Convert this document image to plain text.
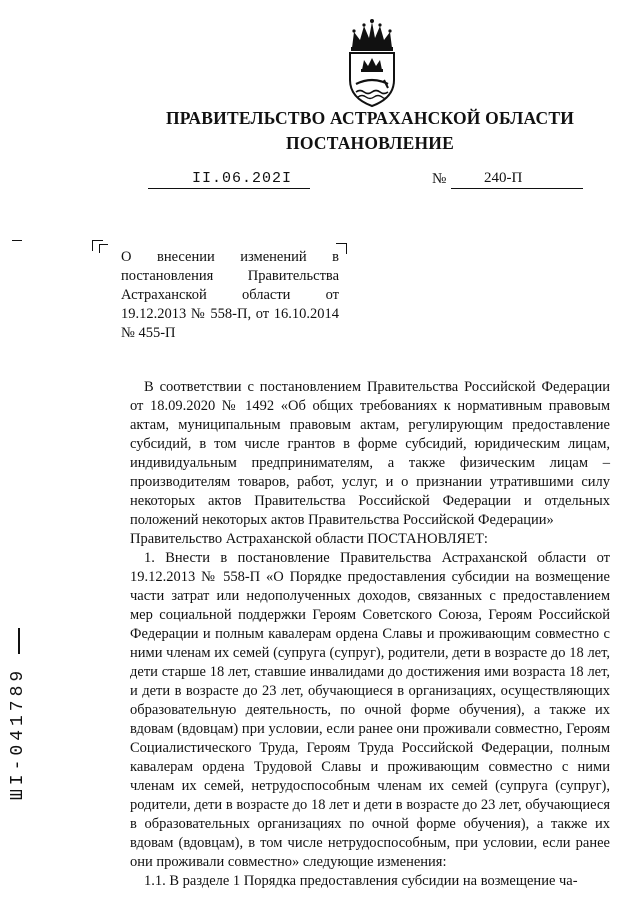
ПРАВИТЕЛЬСТВО АСТРАХАНСКОЙ ОБЛАСТИ
ПОСТАНОВЛЕНИЕ
II.06.202I	№	240-П
О внесении изменений в постановления Правительства Астраханской области от 19.12.2013 № 558-П, от 16.10.2014 № 455-П

В соответствии с постановлением Правительства Российской Федерации от 18.09.2020 № 1492 «Об общих требованиях к нормативным правовым актам, муниципальным правовым актам, регулирующим предоставление субсидий, в том числе грантов в форме субсидий, юридическим лицам, индивидуальным предпринимателям, а также физическим лицам – производителям товаров, работ, услуг, и о признании утратившими силу некоторых актов Правительства Российской Федерации и отдельных положений некоторых актов Правительства Российской Федерации»

Правительство Астраханской области ПОСТАНОВЛЯЕТ:

1. Внести в постановление Правительства Астраханской области от 19.12.2013 № 558-П «О Порядке предоставления субсидии на возмещение части затрат или недополученных доходов, связанных с предоставлением мер социальной поддержки Героям Советского Союза, Героям Российской Федерации и полным кавалерам ордена Славы и проживающим совместно с ними членам их семей (супруга (супруг), родители, дети в возрасте до 18 лет, дети старше 18 лет, ставшие инвалидами до достижения ими возраста 18 лет, и дети в возрасте до 23 лет, обучающиеся в организациях, осуществляющих образовательную деятельность, по очной форме обучения), а также их вдовам (вдовцам) при условии, если ранее они проживали совместно, Героям Социалистического Труда, Героям Труда Российской Федерации, полным кавалерам ордена Трудовой Славы и проживающим совместно с ними членам их семей, нетрудоспособным членам их семей (супруга (супруг), родители, дети в возрасте до 18 лет и дети в возрасте до 23 лет, обучающиеся в образовательных организациях по очной форме обучения), а также их вдовам (вдовцам), в том числе нетрудоспособным, при условии, если ранее они проживали совместно» следующие изменения:

1.1. В разделе 1 Порядка предоставления субсидии на возмещение ча-

ШI-041789
